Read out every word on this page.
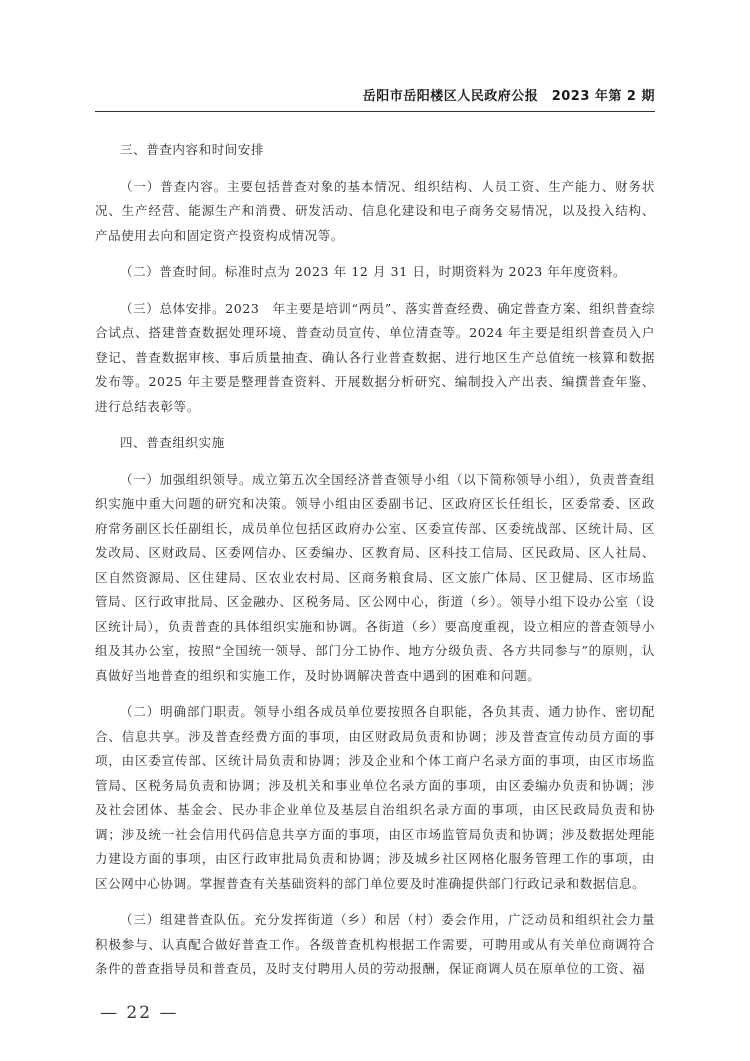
岳阳市岳阳楼区人民政府公报　2023 年第 2 期

三、普查内容和时间安排

（一）普查内容。主要包括普查对象的基本情况、组织结构、人员工资、生产能力、财务状况、生产经营、能源生产和消费、研发活动、信息化建设和电子商务交易情况，以及投入结构、产品使用去向和固定资产投资构成情况等。

（二）普查时间。标准时点为 2023 年 12 月 31 日，时期资料为 2023 年年度资料。

（三）总体安排。2023　年主要是培训“两员”、落实普查经费、确定普查方案、组织普查综合试点、搭建普查数据处理环境、普查动员宣传、单位清查等。2024 年主要是组织普查员入户登记、普查数据审核、事后质量抽查、确认各行业普查数据、进行地区生产总值统一核算和数据发布等。2025 年主要是整理普查资料、开展数据分析研究、编制投入产出表、编撰普查年鉴、进行总结表彰等。

四、普查组织实施

（一）加强组织领导。成立第五次全国经济普查领导小组（以下简称领导小组），负责普查组织实施中重大问题的研究和决策。领导小组由区委副书记、区政府区长任组长，区委常委、区政府常务副区长任副组长，成员单位包括区政府办公室、区委宣传部、区委统战部、区统计局、区发改局、区财政局、区委网信办、区委编办、区教育局、区科技工信局、区民政局、区人社局、区自然资源局、区住建局、区农业农村局、区商务粮食局、区文旅广体局、区卫健局、区市场监管局、区行政审批局、区金融办、区税务局、区公网中心，街道（乡）。领导小组下设办公室（设区统计局），负责普查的具体组织实施和协调。各街道（乡）要高度重视，设立相应的普查领导小组及其办公室，按照“全国统一领导、部门分工协作、地方分级负责、各方共同参与”的原则，认真做好当地普查的组织和实施工作，及时协调解决普查中遇到的困难和问题。

（二）明确部门职责。领导小组各成员单位要按照各自职能，各负其责、通力协作、密切配合、信息共享。涉及普查经费方面的事项，由区财政局负责和协调；涉及普查宣传动员方面的事项，由区委宣传部、区统计局负责和协调；涉及企业和个体工商户名录方面的事项，由区市场监管局、区税务局负责和协调；涉及机关和事业单位名录方面的事项，由区委编办负责和协调；涉及社会团体、基金会、民办非企业单位及基层自治组织名录方面的事项，由区民政局负责和协调；涉及统一社会信用代码信息共享方面的事项，由区市场监管局负责和协调；涉及数据处理能力建设方面的事项，由区行政审批局负责和协调；涉及城乡社区网格化服务管理工作的事项，由区公网中心协调。掌握普查有关基础资料的部门单位要及时准确提供部门行政记录和数据信息。

（三）组建普查队伍。充分发挥街道（乡）和居（村）委会作用，广泛动员和组织社会力量积极参与、认真配合做好普查工作。各级普查机构根据工作需要，可聘用或从有关单位商调符合条件的普查指导员和普查员，及时支付聘用人员的劳动报酬，保证商调人员在原单位的工资、福

— 22 —
